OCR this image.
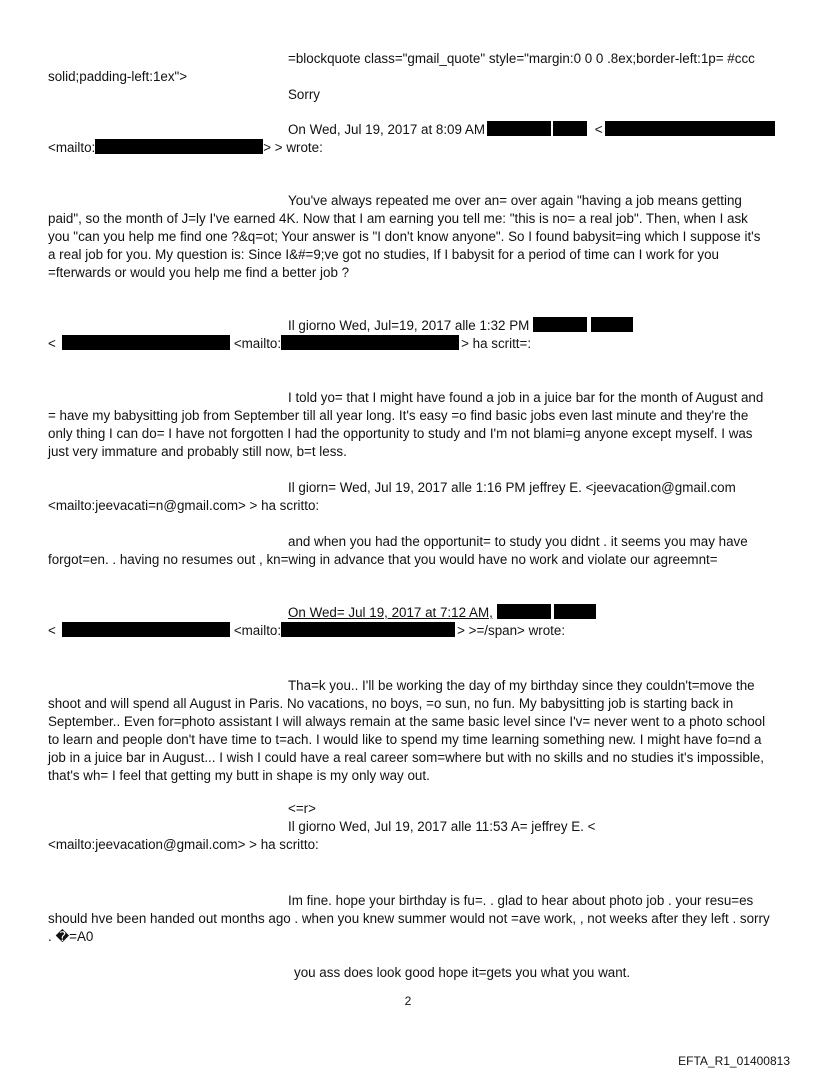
=blockquote class="gmail_quote" style="margin:0 0 0 .8ex;border-left:1p= #ccc
solid;padding-left:1ex">
Sorry
On Wed, Jul 19, 2017 at 8:09 AM	<
<mailto:	> > wrote:
You've always repeated me over an= over again "having a job means getting paid", so the month of J=ly I've earned 4K. Now that I am earning you tell me: "this is no= a real job". Then, when I ask you "can you help me find one ?&q=ot; Your answer is "I don't know anyone". So I found babysit=ing which I suppose it's a real job for you. My question is: Since I&#=9;ve got no studies, If I babysit for a period of time can I work for you =fterwards or would you help me find a better job ?
Il giorno Wed, Jul=19, 2017 alle 1:32 PM
<	<mailto:	> ha scritt=:
I told yo= that I might have found a job in a juice bar for the month of August and = have my babysitting job from September till all year long. It's easy =o find basic jobs even last minute and they're the only thing I can do= I have not forgotten I had the opportunity to study and I'm not blami=g anyone except myself. I was just very immature and probably still now, b=t less.
Il giorn= Wed, Jul 19, 2017 alle 1:16 PM jeffrey E. <jeevacation@gmail.com
<mailto:jeevacati=n@gmail.com> > ha scritto:
and when you had the opportunit= to study you didnt . it seems you may have forgot=en. . having no resumes out , kn=wing in advance that you would have no work and violate our agreemnt=
On Wed= Jul 19, 2017 at 7:12 AM,
<	<mailto:	> >=/span> wrote:
Tha=k you.. I'll be working the day of my birthday since they couldn't=move the shoot and will spend all August in Paris. No vacations, no boys, =o sun, no fun. My babysitting job is starting back in September.. Even for=photo assistant I will always remain at the same basic level since I'v= never went to a photo school to learn and people don't have time to t=ach. I would like to spend my time learning something new. I might have fo=nd a job in a juice bar in August... I wish I could have a real career som=where but with no skills and no studies it's impossible, that's wh= I feel that getting my butt in shape is my only way out.
<=r>
Il giorno Wed, Jul 19, 2017 alle 11:53 A= jeffrey E. <
<mailto:jeevacation@gmail.com> > ha scritto:
Im fine. hope your birthday is fu=. . glad to hear about photo job . your resu=es should hve been handed out months ago . when you knew summer would not =ave work, , not weeks after they left . sorry . �=A0
you ass does look good hope it=gets you what you want.
2
EFTA_R1_01400813
